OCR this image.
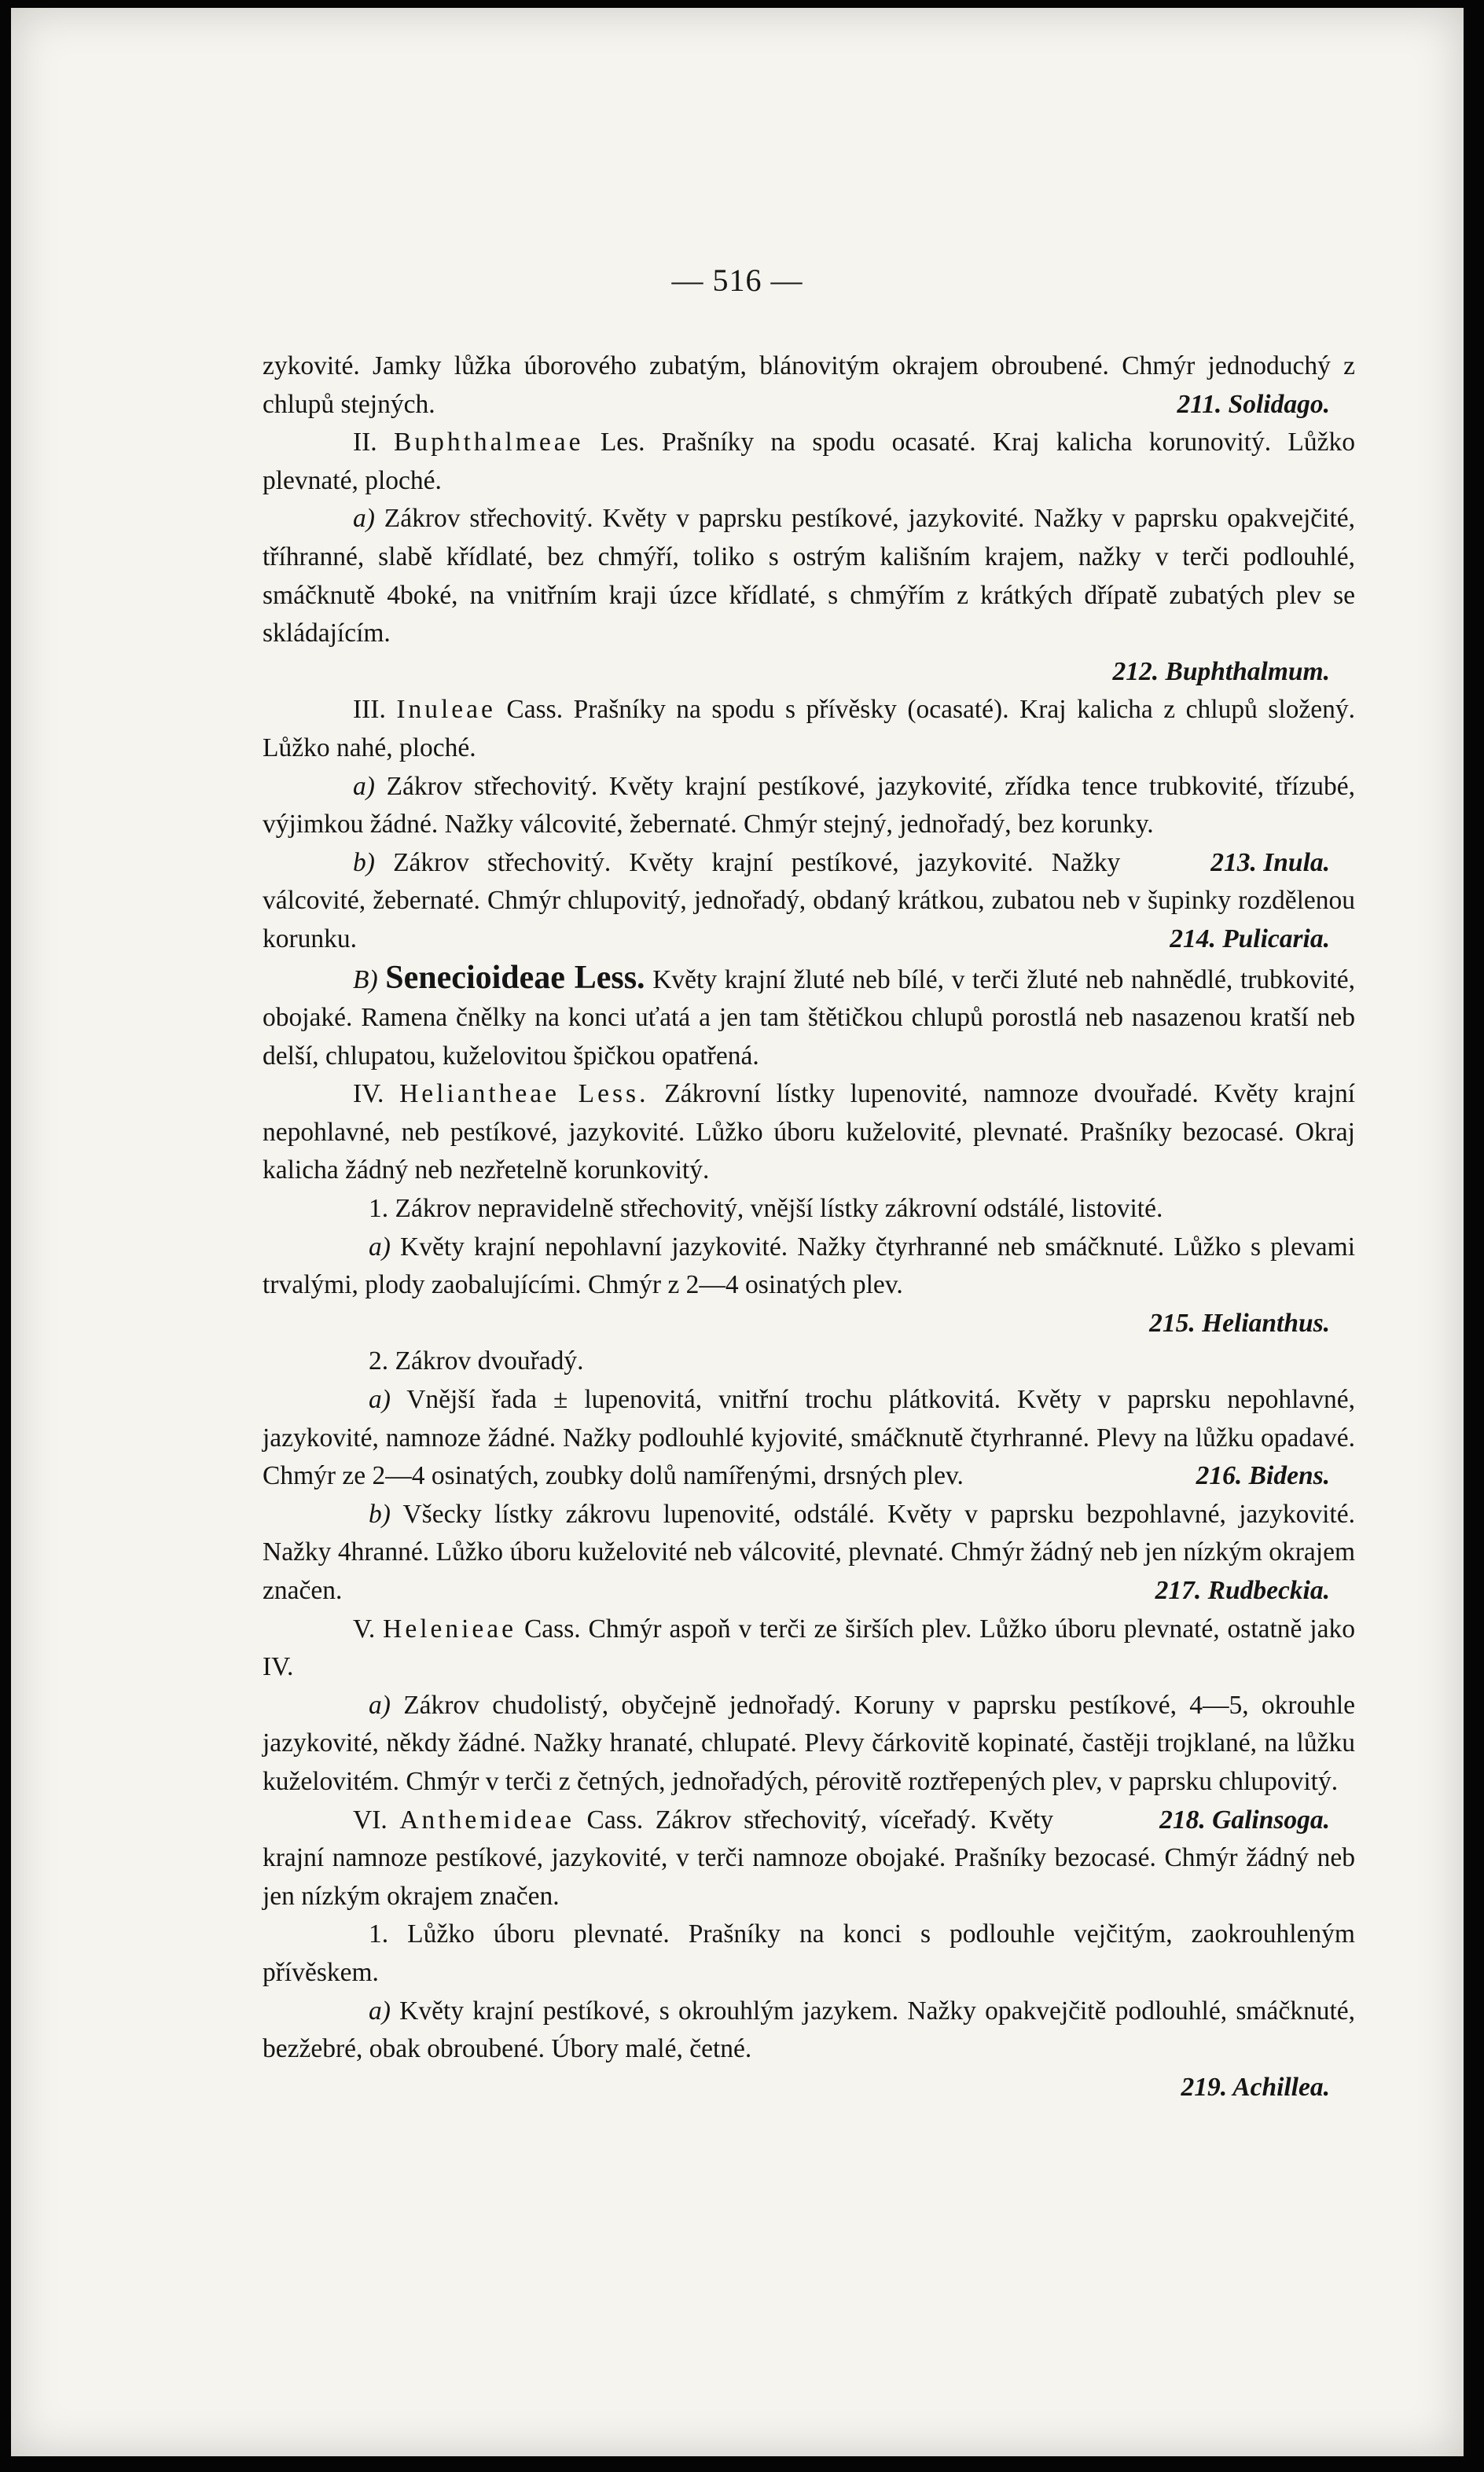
— 516 —

zykovité. Jamky lůžka úborového zubatým, blánovitým okrajem obroubené. Chmýr jednoduchý z chlupů stejných.	211. Solidago.

II. Buphthalmeae Les. Prašníky na spodu ocasaté. Kraj kalicha korunovitý. Lůžko plevnaté, ploché.

a) Zákrov střechovitý. Květy v paprsku pestíkové, jazykovité. Nažky v paprsku opakvejčité, tříhranné, slabě křídlaté, bez chmýří, toliko s ostrým kališním krajem, nažky v terči podlouhlé, smáčknutě 4boké, na vnitřním kraji úzce křídlaté, s chmýřím z krátkých dřípatě zubatých plev se skládajícím.
212. Buphthalmum.

III. Inuleae Cass. Prašníky na spodu s přívěsky (ocasaté). Kraj kalicha z chlupů složený. Lůžko nahé, ploché.

a) Zákrov střechovitý. Květy krajní pestíkové, jazykovité, zřídka tence trubkovité, třízubé, výjimkou žádné. Nažky válcovité, žebernaté. Chmýr stejný, jednořadý, bez korunky.
213. Inula.

b) Zákrov střechovitý. Květy krajní pestíkové, jazykovité. Nažky válcovité, žebernaté. Chmýr chlupovitý, jednořadý, obdaný krátkou, zubatou neb v šupinky rozdělenou korunku.	214. Pulicaria.

B) Senecioideae Less. Květy krajní žluté neb bílé, v terči žluté neb nahnědlé, trubkovité, obojaké. Ramena čnělky na konci uťatá a jen tam štětičkou chlupů porostlá neb nasazenou kratší neb delší, chlupatou, kuželovitou špičkou opatřená.

IV. Heliantheae Less. Zákrovní lístky lupenovité, namnoze dvouřadé. Květy krajní nepohlavné, neb pestíkové, jazykovité. Lůžko úboru kuželovité, plevnaté. Prašníky bezocasé. Okraj kalicha žádný neb nezřetelně korunkovitý.

1. Zákrov nepravidelně střechovitý, vnější lístky zákrovní odstálé, listovité.

a) Květy krajní nepohlavní jazykovité. Nažky čtyrhranné neb smáčknuté. Lůžko s plevami trvalými, plody zaobalujícími. Chmýr z 2—4 osinatých plev.
215. Helianthus.

2. Zákrov dvouřadý.

a) Vnější řada ± lupenovitá, vnitřní trochu plátkovitá. Květy v paprsku nepohlavné, jazykovité, namnoze žádné. Nažky podlouhlé kyjovité, smáčknutě čtyrhranné. Plevy na lůžku opadavé. Chmýr ze 2—4 osinatých, zoubky dolů namířenými, drsných plev.	216. Bidens.

b) Všecky lístky zákrovu lupenovité, odstálé. Květy v paprsku bezpohlavné, jazykovité. Nažky 4hranné. Lůžko úboru kuželovité neb válcovité, plevnaté. Chmýr žádný neb jen nízkým okrajem značen.	217. Rudbeckia.

V. Helenieae Cass. Chmýr aspoň v terči ze širších plev. Lůžko úboru plevnaté, ostatně jako IV.

a) Zákrov chudolistý, obyčejně jednořadý. Koruny v paprsku pestíkové, 4—5, okrouhle jazykovité, někdy žádné. Nažky hranaté, chlupaté. Plevy čárkovitě kopinaté, častěji trojklané, na lůžku kuželovitém. Chmýr v terči z četných, jednořadých, pérovitě roztřepených plev, v paprsku chlupovitý.
218. Galinsoga.

VI. Anthemideae Cass. Zákrov střechovitý, víceřadý. Květy krajní namnoze pestíkové, jazykovité, v terči namnoze obojaké. Prašníky bezocasé. Chmýr žádný neb jen nízkým okrajem značen.

1. Lůžko úboru plevnaté. Prašníky na konci s podlouhle vejčitým, zaokrouhleným přívěskem.

a) Květy krajní pestíkové, s okrouhlým jazykem. Nažky opakvejčitě podlouhlé, smáčknuté, bezžebré, obak obroubené. Úbory malé, četné.
219. Achillea.
